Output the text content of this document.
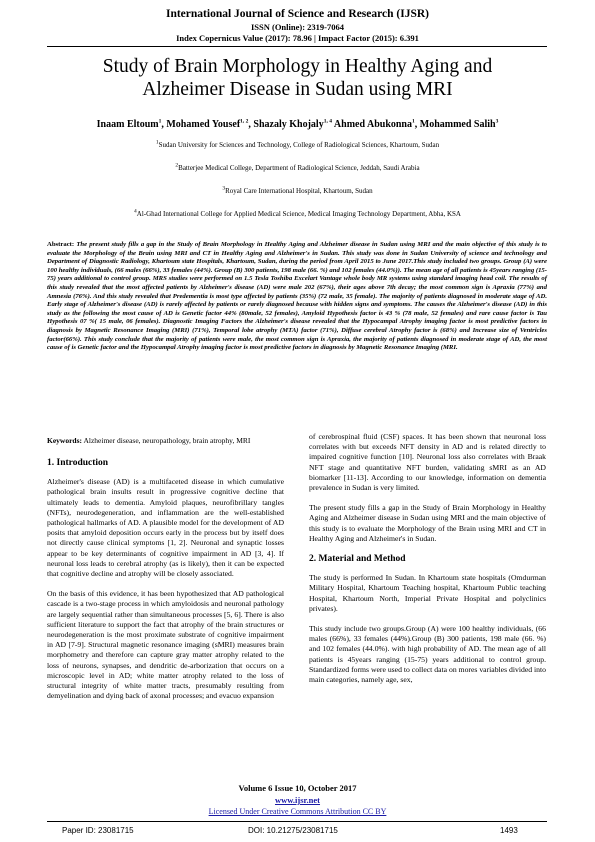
International Journal of Science and Research (IJSR)
ISSN (Online): 2319-7064
Index Copernicus Value (2017): 78.96 | Impact Factor (2015): 6.391
Study of Brain Morphology in Healthy Aging and
Alzheimer Disease in Sudan using MRI
Inaam Eltoum$^1$, Mohamed Yousef$^{1, 2}$, Shazaly Khojaly$^{1, 4}$ Ahmed Abukonna$^1$, Mohammed Salih$^3$
$^1$Sudan University for Sciences and Technology, College of Radiological Sciences, Khartoum, Sudan
$^2$Batterjee Medical College, Department of Radiological Science, Jeddah, Saudi Arabia
$^3$Royal Care International Hospital, Khartoum, Sudan
$^4$Al-Ghad International College for Applied Medical Science, Medical Imaging Technology Department, Abha, KSA
Abstract: The present study fills a gap in the Study of Brain Morphology in Healthy Aging and Alzheimer disease in Sudan using MRI and the main objective of this study is to evaluate the Morphology of the Brain using MRI and CT in Healthy Aging and Alzheimer's in Sudan. This study was done in Sudan University of science and technology and Department of Diagnostic Radiology, Khartoum state Hospitals, Khartoum, Sudan, during the period from April 2015 to June 2017.This study included two groups. Group (A) were 100 healthy individuals, (66 males (66%), 33 females (44%). Group (B) 300 patients, 198 male (66. %) and 102 females (44.0%)). The mean age of all patients is 45years ranging (15-75) years additional to control group. MRS studies were performed on 1.5 Tesla Toshiba Excelart Vantage whole body MR systems using standard imaging head coil. The results of this study revealed that the most affected patients by Alzheimer's disease (AD) were male 202 (67%), their ages above 7th decay; the most common sign is Apraxia (77%) and Amnesia (76%). And this study revealed that Predementia is most type affected by patients (35%) (72 male, 35 female). The majority of patients diagnosed in moderate stage of AD. Early stage of Alzheimer's disease (AD) is rarely affected by patients or rarely diagnosed because with hidden signs and symptoms. The causes the Alzheimer's disease (AD) in this study as the following the most cause of AD is Genetic factor 44% (80male, 52 females), Amyloid Hypothesis factor is 43 % (78 male, 52 females) and rare cause factor is Tau Hypothesis 07 %( 15 male, 06 females). Diagnostic Imaging Factors the Alzheimer's disease revealed that the Hypocampal Atrophy imaging factor is most predictive factors in diagnosis by Magnetic Resonance Imaging (MRI) (71%), Temporal lobe atrophy (MTA) factor (71%), Diffuse cerebral Atrophy factor is (68%) and Increase size of Ventricles factor(66%). This study conclude that the majority of patients were male, the most common sign is Apraxia, the majority of patients diagnosed in moderate stage of AD, the most cause of is Genetic factor and the Hypocampal Atrophy imaging factor is most predictive factors in diagnosis by Magnetic Resonance Imaging (MRI.
Keywords: Alzheimer disease, neuropathology, brain atrophy, MRI
1. Introduction

Alzheimer's disease (AD) is a multifaceted disease in which cumulative pathological brain insults result in progressive cognitive decline that ultimately leads to dementia. Amyloid plaques, neurofibrillary tangles (NFTs), neurodegeneration, and inflammation are the well-established pathological hallmarks of AD. A plausible model for the development of AD posits that amyloid deposition occurs early in the process but by itself does not directly cause clinical symptoms [1, 2]. Neuronal and synaptic losses appear to be key determinants of cognitive impairment in AD [3, 4]. If neuronal loss leads to cerebral atrophy (as is likely), then it can be expected that cognitive decline and atrophy will be closely associated.

On the basis of this evidence, it has been hypothesized that AD pathological cascade is a two-stage process in which amyloidosis and neuronal pathology are largely sequential rather than simultaneous processes [5, 6]. There is also sufficient literature to support the fact that atrophy of the brain structures or neurodegeneration is the most proximate substrate of cognitive impairment in AD [7-9]. Structural magnetic resonance imaging (sMRI) measures brain morphometry and therefore can capture gray matter atrophy related to the loss of neurons, synapses, and dendritic de-arborization that occurs on a microscopic level in AD; white matter atrophy related to the loss of structural integrity of white matter tracts, presumably resulting from demyelination and dying back of axonal processes; and evacuo expansion

of cerebrospinal fluid (CSF) spaces. It has been shown that neuronal loss correlates with but exceeds NFT density in AD and is related directly to impaired cognitive function [10]. Neuronal loss also correlates with Braak NFT stage and quantitative NFT burden, validating sMRI as an AD biomarker [11-13]. According to our knowledge, information on dementia prevalence in Sudan is very limited.

The present study fills a gap in the Study of Brain Morphology in Healthy Aging and Alzheimer disease in Sudan using MRI and the main objective of this study is to evaluate the Morphology of the Brain using MRI and CT in Healthy Aging and Alzheimer's in Sudan.

2. Material and Method

The study is performed In Sudan. In Khartoum state hospitals (Omdurman Military Hospital, Khartoum Teaching hospital, Khartoum Public teaching Hospital, Khartoum North, Imperial Private Hospital and polyclinics privates).

This study include two groups.Group (A) were 100 healthy individuals, (66 males (66%), 33 females (44%).Group (B) 300 patients, 198 male (66. %) and 102 females (44.0%). with high probability of AD. The mean age of all patients is 45years ranging (15-75) years additional to control group. Standardized forms were used to collect data on mores variables divided into main categories, namely age, sex,

Volume 6 Issue 10, October 2017
www.ijsr.net
Licensed Under Creative Commons Attribution CC BY
Paper ID: 23081715	DOI: 10.21275/23081715	1493
